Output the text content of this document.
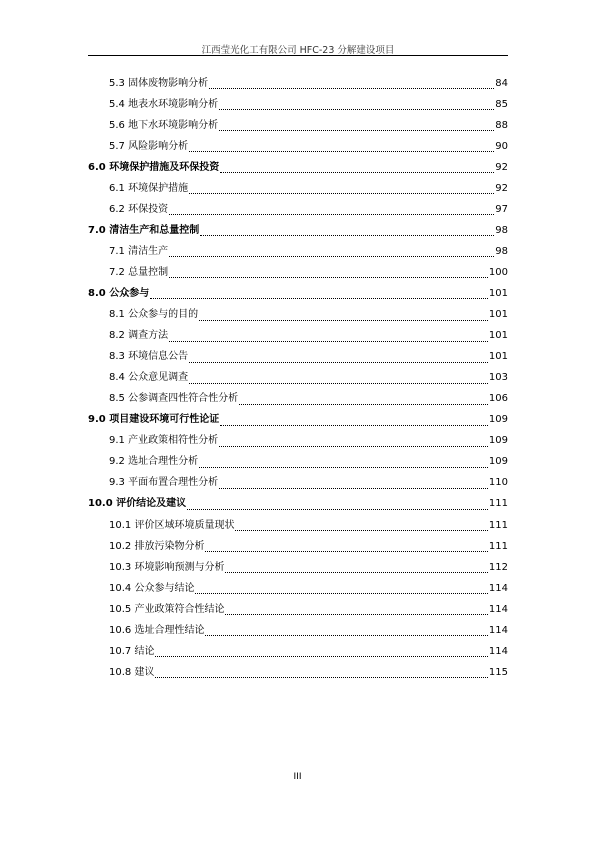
江西莹光化工有限公司 HFC-23 分解建设项目
5.3 固体废物影响分析	84
5.4 地表水环境影响分析	85
5.6 地下水环境影响分析	88
5.7 风险影响分析	90
6.0 环境保护措施及环保投资	92
6.1 环境保护措施	92
6.2 环保投资	97
7.0 清洁生产和总量控制	98
7.1 清洁生产	98
7.2 总量控制	100
8.0 公众参与	101
8.1 公众参与的目的	101
8.2 调查方法	101
8.3 环境信息公告	101
8.4 公众意见调查	103
8.5 公参调查四性符合性分析	106
9.0 项目建设环境可行性论证	109
9.1 产业政策相符性分析	109
9.2 选址合理性分析	109
9.3 平面布置合理性分析	110
10.0 评价结论及建议	111
10.1 评价区域环境质量现状	111
10.2 排放污染物分析	111
10.3 环境影响预测与分析	112
10.4 公众参与结论	114
10.5 产业政策符合性结论	114
10.6 选址合理性结论	114
10.7 结论	114
10.8 建议	115
III
